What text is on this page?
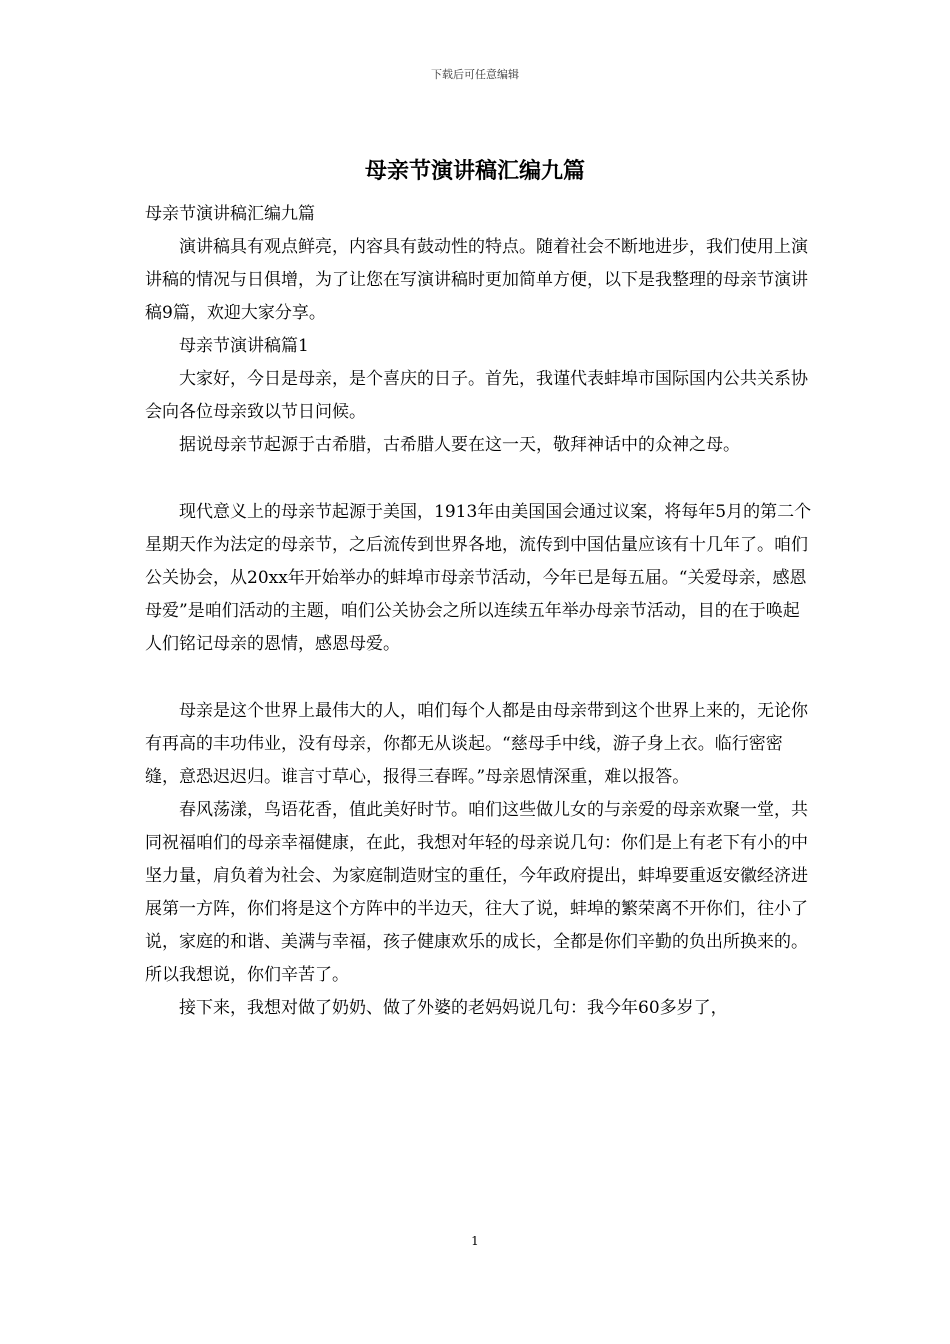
下载后可任意编辑
母亲节演讲稿汇编九篇

母亲节演讲稿汇编九篇

演讲稿具有观点鲜亮，内容具有鼓动性的特点。随着社会不断地进步，我们使用上演讲稿的情况与日俱增，为了让您在写演讲稿时更加简单方便，以下是我整理的母亲节演讲稿9篇，欢迎大家分享。

母亲节演讲稿篇1

大家好，今日是母亲，是个喜庆的日子。首先，我谨代表蚌埠市国际国内公共关系协会向各位母亲致以节日问候。

据说母亲节起源于古希腊，古希腊人要在这一天，敬拜神话中的众神之母。

现代意义上的母亲节起源于美国，1913年由美国国会通过议案，将每年5月的第二个星期天作为法定的母亲节，之后流传到世界各地，流传到中国估量应该有十几年了。咱们公关协会，从20xx年开始举办的蚌埠市母亲节活动，今年已是每五届。“关爱母亲，感恩母爱”是咱们活动的主题，咱们公关协会之所以连续五年举办母亲节活动，目的在于唤起人们铭记母亲的恩情，感恩母爱。

母亲是这个世界上最伟大的人，咱们每个人都是由母亲带到这个世界上来的，无论你有再高的丰功伟业，没有母亲，你都无从谈起。“慈母手中线，游子身上衣。临行密密缝，意恐迟迟归。谁言寸草心，报得三春晖。”母亲恩情深重，难以报答。

春风荡漾，鸟语花香，值此美好时节。咱们这些做儿女的与亲爱的母亲欢聚一堂，共同祝福咱们的母亲幸福健康，在此，我想对年轻的母亲说几句：你们是上有老下有小的中坚力量，肩负着为社会、为家庭制造财宝的重任，今年政府提出，蚌埠要重返安徽经济进展第一方阵，你们将是这个方阵中的半边天，往大了说，蚌埠的繁荣离不开你们，往小了说，家庭的和谐、美满与幸福，孩子健康欢乐的成长，全都是你们辛勤的负出所换来的。所以我想说，你们辛苦了。

接下来，我想对做了奶奶、做了外婆的老妈妈说几句：我今年60多岁了，

1
